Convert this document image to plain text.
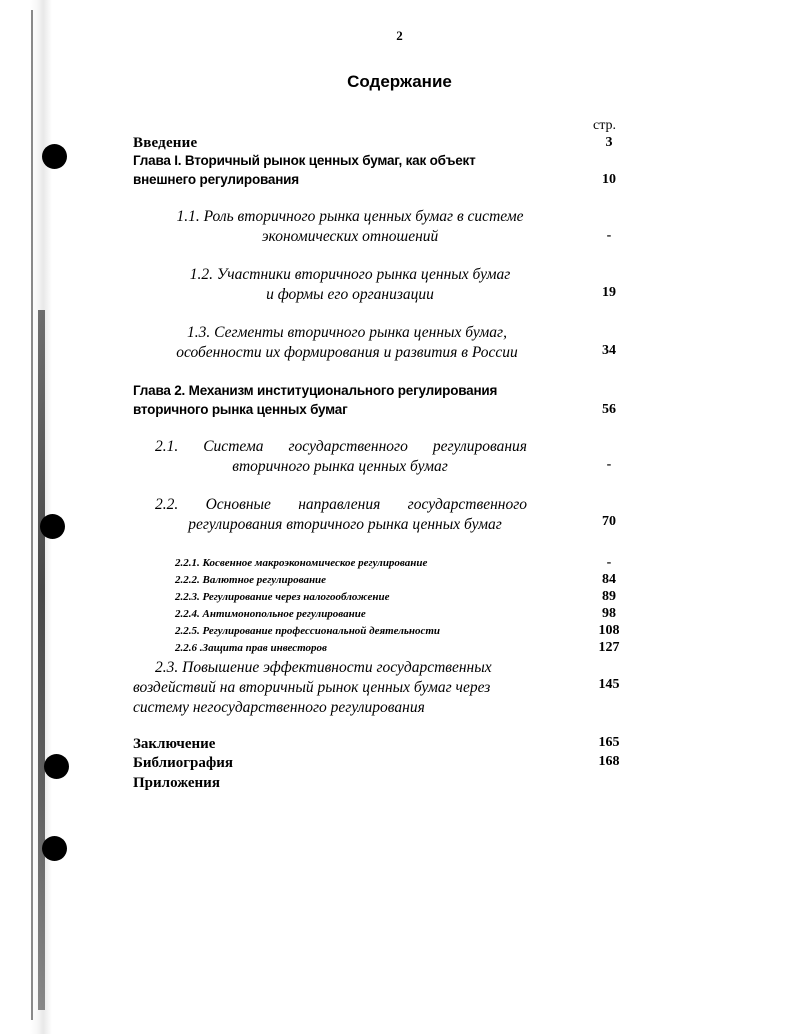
2
Содержание
стр.
Введение	3
Глава I. Вторичный рынок ценных бумаг, как объект
внешнего регулирования	10
1.1. Роль вторичного рынка ценных бумаг в системе
экономических отношений	-
1.2. Участники вторичного рынка ценных бумаг
и формы его организации	19
1.3. Сегменты вторичного рынка ценных бумаг,
особенности их формирования и развития в России	34
Глава 2. Механизм институционального регулирования
вторичного рынка ценных бумаг	56
2.1. Система государственного регулирования
вторичного рынка ценных бумаг	-
2.2. Основные направления государственного
регулирования вторичного рынка ценных бумаг	70
2.2.1. Косвенное макроэкономическое регулирование	-
2.2.2. Валютное регулирование	84
2.2.3. Регулирование через налогообложение	89
2.2.4. Антимонопольное регулирование	98
2.2.5. Регулирование профессиональной деятельности	108
2.2.6 .Защита прав инвесторов	127
2.3. Повышение эффективности государственных
воздействий на вторичный рынок ценных бумаг через
систему негосударственного регулирования
145
Заключение	165
Библиография	168
Приложения
